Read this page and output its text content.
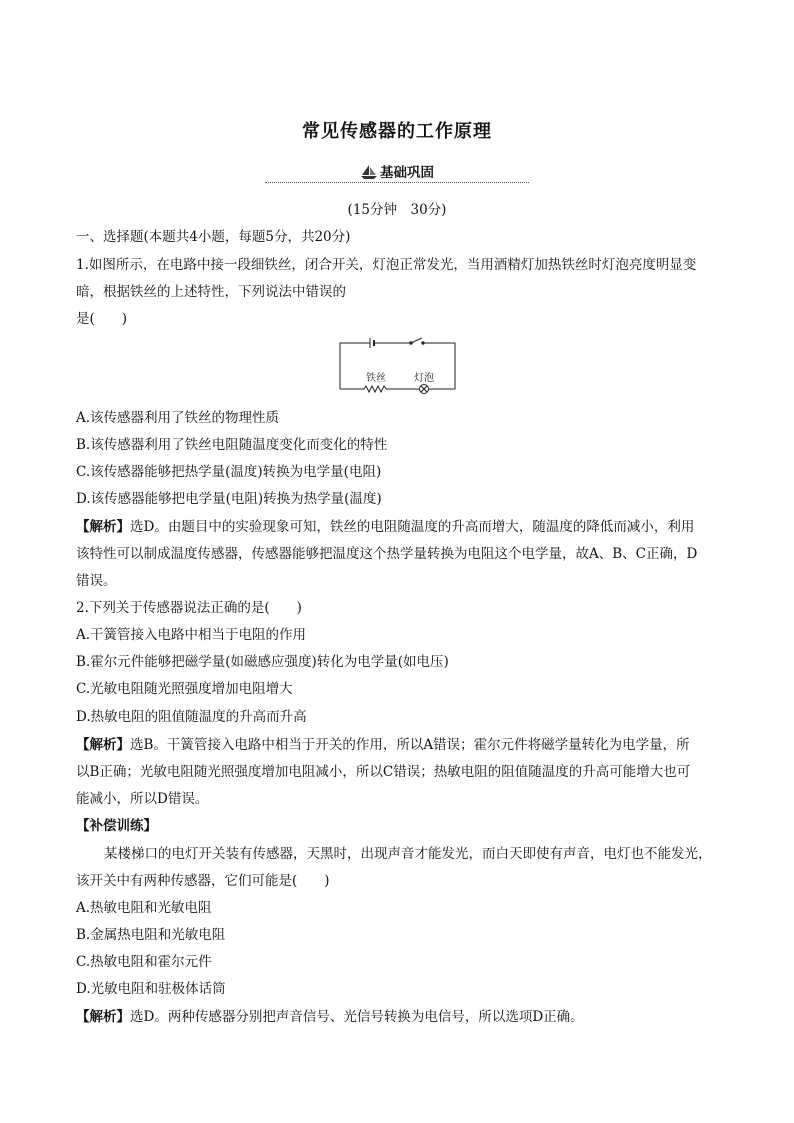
常见传感器的工作原理
基础巩固
(15分钟　30分)
一、选择题(本题共4小题，每题5分，共20分)
1.如图所示，在电路中接一段细铁丝，闭合开关，灯泡正常发光，当用酒精灯加热铁丝时灯泡亮度明显变
暗，根据铁丝的上述特性，下列说法中错误的
是(　　)
铁丝	灯泡
A.该传感器利用了铁丝的物理性质
B.该传感器利用了铁丝电阻随温度变化而变化的特性
C.该传感器能够把热学量(温度)转换为电学量(电阻)
D.该传感器能够把电学量(电阻)转换为热学量(温度)
【解析】选D。由题目中的实验现象可知，铁丝的电阻随温度的升高而增大，随温度的降低而减小，利用
该特性可以制成温度传感器，传感器能够把温度这个热学量转换为电阻这个电学量，故A、B、C正确，D
错误。
2.下列关于传感器说法正确的是(　　)
A.干簧管接入电路中相当于电阻的作用
B.霍尔元件能够把磁学量(如磁感应强度)转化为电学量(如电压)
C.光敏电阻随光照强度增加电阻增大
D.热敏电阻的阻值随温度的升高而升高
【解析】选B。干簧管接入电路中相当于开关的作用，所以A错误；霍尔元件将磁学量转化为电学量，所
以B正确；光敏电阻随光照强度增加电阻减小，所以C错误；热敏电阻的阻值随温度的升高可能增大也可
能减小，所以D错误。
【补偿训练】
某楼梯口的电灯开关装有传感器，天黑时，出现声音才能发光，而白天即使有声音，电灯也不能发光，
该开关中有两种传感器，它们可能是(　　)
A.热敏电阻和光敏电阻
B.金属热电阻和光敏电阻
C.热敏电阻和霍尔元件
D.光敏电阻和驻极体话筒
【解析】选D。两种传感器分别把声音信号、光信号转换为电信号，所以选项D正确。
